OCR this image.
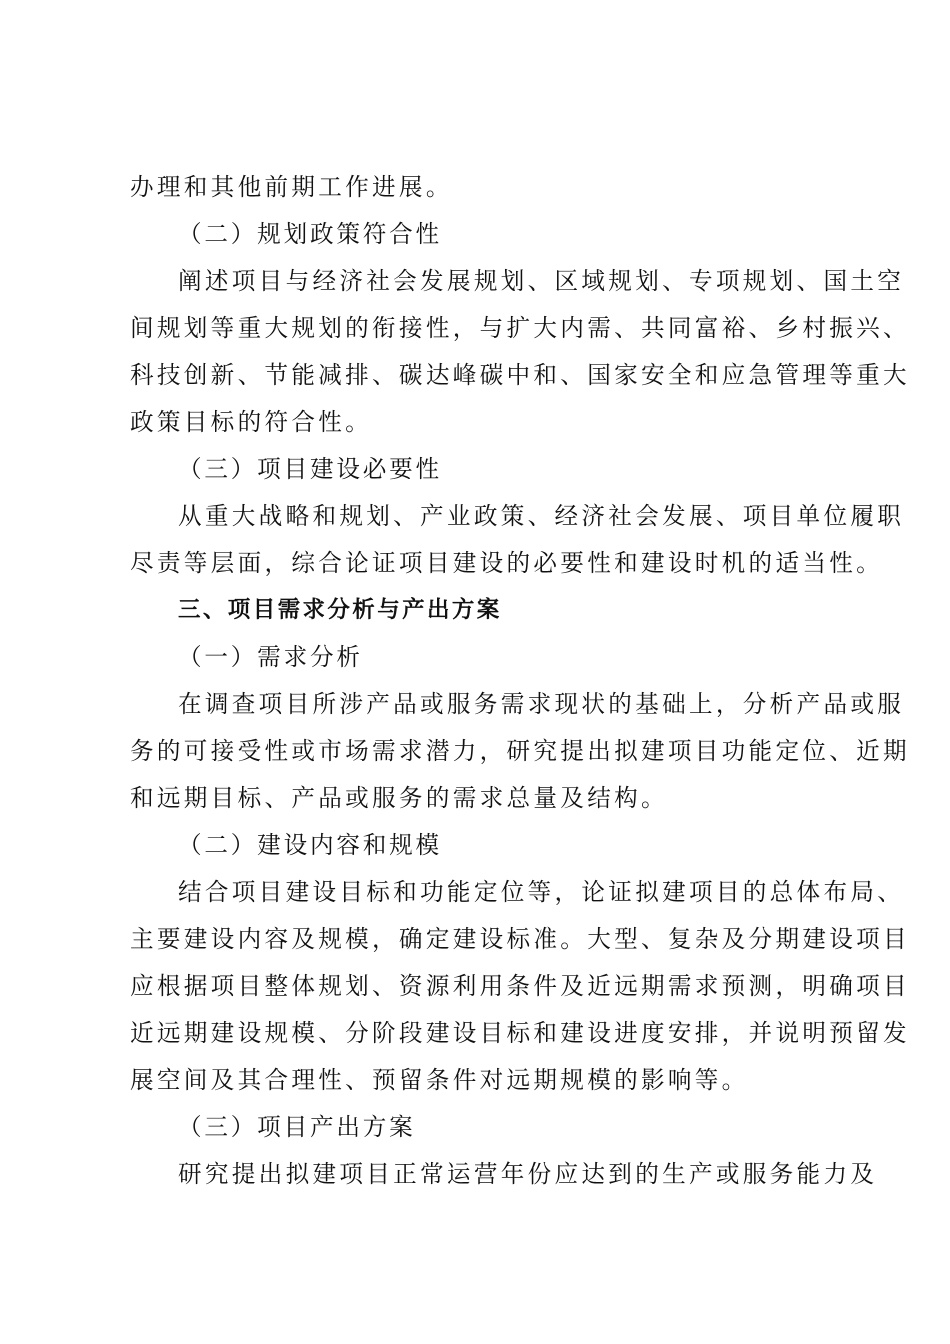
办理和其他前期工作进展。
（二）规划政策符合性
阐述项目与经济社会发展规划、区域规划、专项规划、国土空
间规划等重大规划的衔接性，与扩大内需、共同富裕、乡村振兴、
科技创新、节能减排、碳达峰碳中和、国家安全和应急管理等重大
政策目标的符合性。
（三）项目建设必要性
从重大战略和规划、产业政策、经济社会发展、项目单位履职
尽责等层面，综合论证项目建设的必要性和建设时机的适当性。
三、项目需求分析与产出方案
（一）需求分析
在调查项目所涉产品或服务需求现状的基础上，分析产品或服
务的可接受性或市场需求潜力，研究提出拟建项目功能定位、近期
和远期目标、产品或服务的需求总量及结构。
（二）建设内容和规模
结合项目建设目标和功能定位等，论证拟建项目的总体布局、
主要建设内容及规模，确定建设标准。大型、复杂及分期建设项目
应根据项目整体规划、资源利用条件及近远期需求预测，明确项目
近远期建设规模、分阶段建设目标和建设进度安排，并说明预留发
展空间及其合理性、预留条件对远期规模的影响等。
（三）项目产出方案
研究提出拟建项目正常运营年份应达到的生产或服务能力及
